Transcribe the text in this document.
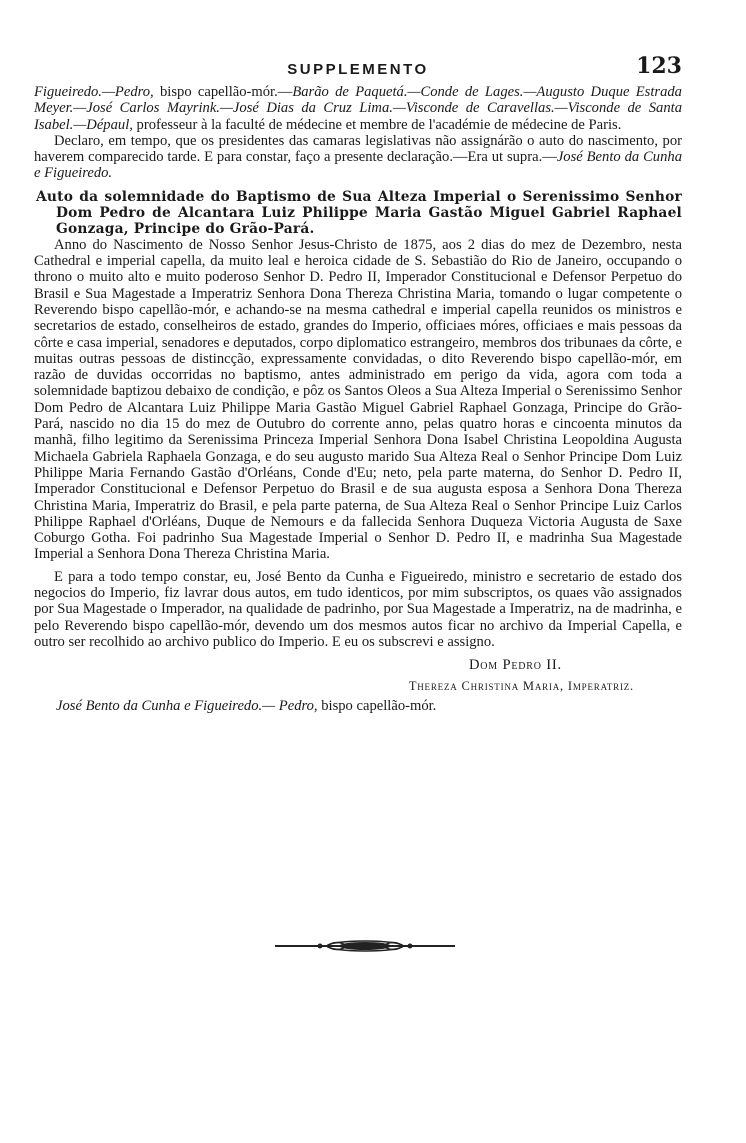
SUPPLEMENTO	123

Figueiredo.—Pedro, bispo capellão-mór.—Barão de Paquetá.—Conde de Lages.—Augusto Duque Estrada Meyer.—José Carlos Mayrink.—José Dias da Cruz Lima.—Visconde de Caravellas.—Visconde de Santa Isabel.—Dépaul, professeur à la faculté de médecine et membre de l'académie de médecine de Paris.

Declaro, em tempo, que os presidentes das camaras legislativas não assignárão o auto do nascimento, por haverem comparecido tarde. E para constar, faço a presente declaração.—Era ut supra.—José Bento da Cunha e Figueiredo.

Auto da solemnidade do Baptismo de Sua Alteza Imperial o Serenissimo Senhor Dom Pedro de Alcantara Luiz Philippe Maria Gastão Miguel Gabriel Raphael Gonzaga, Principe do Grão-Pará.

Anno do Nascimento de Nosso Senhor Jesus-Christo de 1875, aos 2 dias do mez de Dezembro, nesta Cathedral e imperial capella, da muito leal e heroica cidade de S. Sebastião do Rio de Janeiro, occupando o throno o muito alto e muito poderoso Senhor D. Pedro II, Imperador Constitucional e Defensor Perpetuo do Brasil e Sua Magestade a Imperatriz Senhora Dona Thereza Christina Maria, tomando o lugar competente o Reverendo bispo capellão-mór, e achando-se na mesma cathedral e imperial capella reunidos os ministros e secretarios de estado, conselheiros de estado, grandes do Imperio, officiaes móres, officiaes e mais pessoas da côrte e casa imperial, senadores e deputados, corpo diplomatico estrangeiro, membros dos tribunaes da côrte, e muitas outras pessoas de distincção, expressamente convidadas, o dito Reverendo bispo capellão-mór, em razão de duvidas occorridas no baptismo, antes administrado em perigo da vida, agora com toda a solemnidade baptizou debaixo de condição, e pôz os Santos Oleos a Sua Alteza Imperial o Serenissimo Senhor Dom Pedro de Alcantara Luiz Philippe Maria Gastão Miguel Gabriel Raphael Gonzaga, Principe do Grão-Pará, nascido no dia 15 do mez de Outubro do corrente anno, pelas quatro horas e cincoenta minutos da manhã, filho legitimo da Serenissima Princeza Imperial Senhora Dona Isabel Christina Leopoldina Augusta Michaela Gabriela Raphaela Gonzaga, e do seu augusto marido Sua Alteza Real o Senhor Principe Dom Luiz Philippe Maria Fernando Gastão d'Orléans, Conde d'Eu; neto, pela parte materna, do Senhor D. Pedro II, Imperador Constitucional e Defensor Perpetuo do Brasil e de sua augusta esposa a Senhora Dona Thereza Christina Maria, Imperatriz do Brasil, e pela parte paterna, de Sua Alteza Real o Senhor Principe Luiz Carlos Philippe Raphael d'Orléans, Duque de Nemours e da fallecida Senhora Duqueza Victoria Augusta de Saxe Coburgo Gotha. Foi padrinho Sua Magestade Imperial o Senhor D. Pedro II, e madrinha Sua Magestade Imperial a Senhora Dona Thereza Christina Maria.

E para a todo tempo constar, eu, José Bento da Cunha e Figueiredo, ministro e secretario de estado dos negocios do Imperio, fiz lavrar dous autos, em tudo identicos, por mim subscriptos, os quaes vão assignados por Sua Magestade o Imperador, na qualidade de padrinho, por Sua Magestade a Imperatriz, na de madrinha, e pelo Reverendo bispo capellão-mór, devendo um dos mesmos autos ficar no archivo da Imperial Capella, e outro ser recolhido ao archivo publico do Imperio. E eu os subscrevi e assigno.

Dom Pedro II.
Thereza Christina Maria, Imperatriz.
José Bento da Cunha e Figueiredo.— Pedro, bispo capellão-mór.
